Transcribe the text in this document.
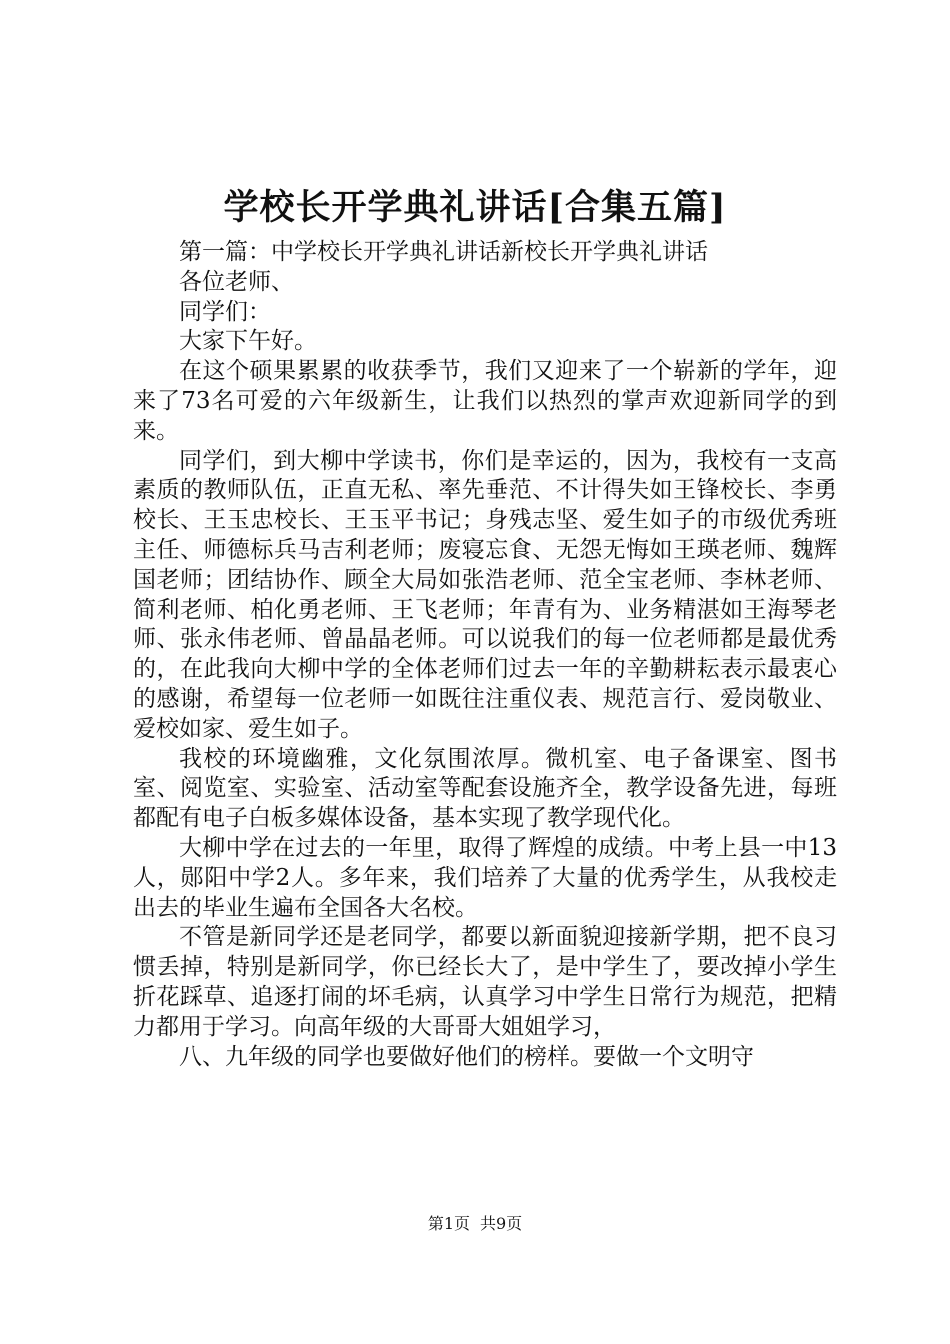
学校长开学典礼讲话[合集五篇]

第一篇：中学校长开学典礼讲话新校长开学典礼讲话

各位老师、

同学们：

大家下午好。

在这个硕果累累的收获季节，我们又迎来了一个崭新的学年，迎来了73名可爱的六年级新生，让我们以热烈的掌声欢迎新同学的到来。

同学们，到大柳中学读书，你们是幸运的，因为，我校有一支高素质的教师队伍，正直无私、率先垂范、不计得失如王锋校长、李勇校长、王玉忠校长、王玉平书记；身残志坚、爱生如子的市级优秀班主任、师德标兵马吉利老师；废寝忘食、无怨无悔如王瑛老师、魏辉国老师；团结协作、顾全大局如张浩老师、范全宝老师、李林老师、简利老师、柏化勇老师、王飞老师；年青有为、业务精湛如王海琴老师、张永伟老师、曾晶晶老师。可以说我们的每一位老师都是最优秀的，在此我向大柳中学的全体老师们过去一年的辛勤耕耘表示最衷心的感谢，希望每一位老师一如既往注重仪表、规范言行、爱岗敬业、爱校如家、爱生如子。

我校的环境幽雅，文化氛围浓厚。微机室、电子备课室、图书室、阅览室、实验室、活动室等配套设施齐全，教学设备先进，每班都配有电子白板多媒体设备，基本实现了教学现代化。

大柳中学在过去的一年里，取得了辉煌的成绩。中考上县一中13人，郧阳中学2人。多年来，我们培养了大量的优秀学生，从我校走出去的毕业生遍布全国各大名校。

不管是新同学还是老同学，都要以新面貌迎接新学期，把不良习惯丢掉，特别是新同学，你已经长大了，是中学生了，要改掉小学生折花踩草、追逐打闹的坏毛病，认真学习中学生日常行为规范，把精力都用于学习。向高年级的大哥哥大姐姐学习，

八、九年级的同学也要做好他们的榜样。要做一个文明守

第1页 共9页
